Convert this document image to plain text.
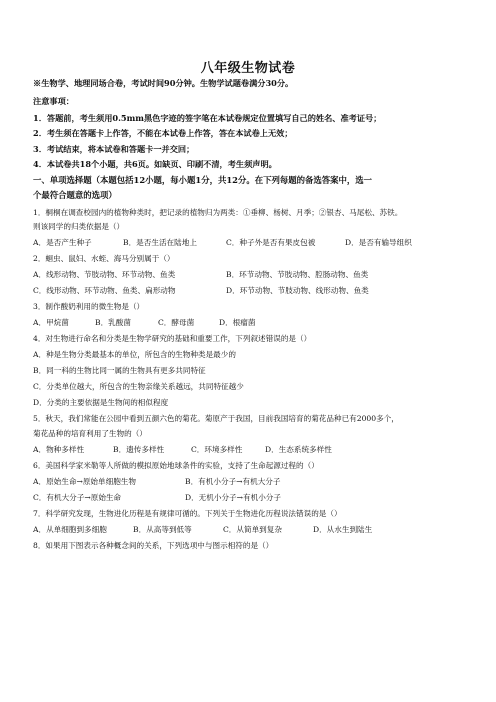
八年级生物试卷
※生物学、地理同场合卷，考试时间90分钟。生物学试题卷满分30分。
注意事项：
1．答题前，考生须用0.5mm黑色字迹的签字笔在本试卷规定位置填写自己的姓名、准考证号；
2．考生须在答题卡上作答，不能在本试卷上作答，答在本试卷上无效；
3．考试结束，将本试卷和答题卡一并交回；
4．本试卷共18个小题，共6页。如缺页、印刷不清，考生须声明。
一、单项选择题（本题包括12小题，每小题1分，共12分。在下列每题的备选答案中，选一
个最符合题意的选项）
1．桐桐在调查校园内的植物种类时，把记录的植物归为两类：①垂柳、杨树、月季；②银杏、马尾松、苏铁。
则该同学的归类依据是（）
A．是否产生种子	B．是否生活在陆地上	C．种子外是否有果皮包被	D．是否有输导组织
2．蛔虫、鼠妇、水蛭、海马分别属于（）
A．线形动物、节肢动物、环节动物、鱼类	B．环节动物、节肢动物、腔肠动物、鱼类
C．线形动物、环节动物、鱼类、扁形动物	D．环节动物、节肢动物、线形动物、鱼类
3．制作酸奶利用的微生物是（）
A．甲烷菌	B．乳酸菌	C．酵母菌	D．根瘤菌
4．对生物进行命名和分类是生物学研究的基础和重要工作，下列叙述错误的是（）
A．种是生物分类最基本的单位，所包含的生物种类是最少的
B．同一科的生物比同一属的生物具有更多共同特征
C．分类单位越大，所包含的生物亲缘关系越远，共同特征越少
D．分类的主要依据是生物间的相似程度
5．秋天，我们常能在公园中看到五颜六色的菊花。菊原产于我国，目前我国培育的菊花品种已有2000多个，
菊花品种的培育利用了生物的（）
A．物种多样性	B．遗传多样性	C．环境多样性	D．生态系统多样性
6．美国科学家米勒等人所做的模拟原始地球条件的实验，支持了生命起源过程的（）
A．原始生命→原始单细胞生物	B．有机小分子→有机大分子
C．有机大分子→原始生命	D．无机小分子→有机小分子
7．科学研究发现，生物进化历程是有规律可循的。下列关于生物进化历程说法错误的是（）
A．从单细胞到多细胞	B．从高等到低等	C．从简单到复杂	D．从水生到陆生
8．如果用下图表示各种概念间的关系，下列选项中与图示相符的是（）
